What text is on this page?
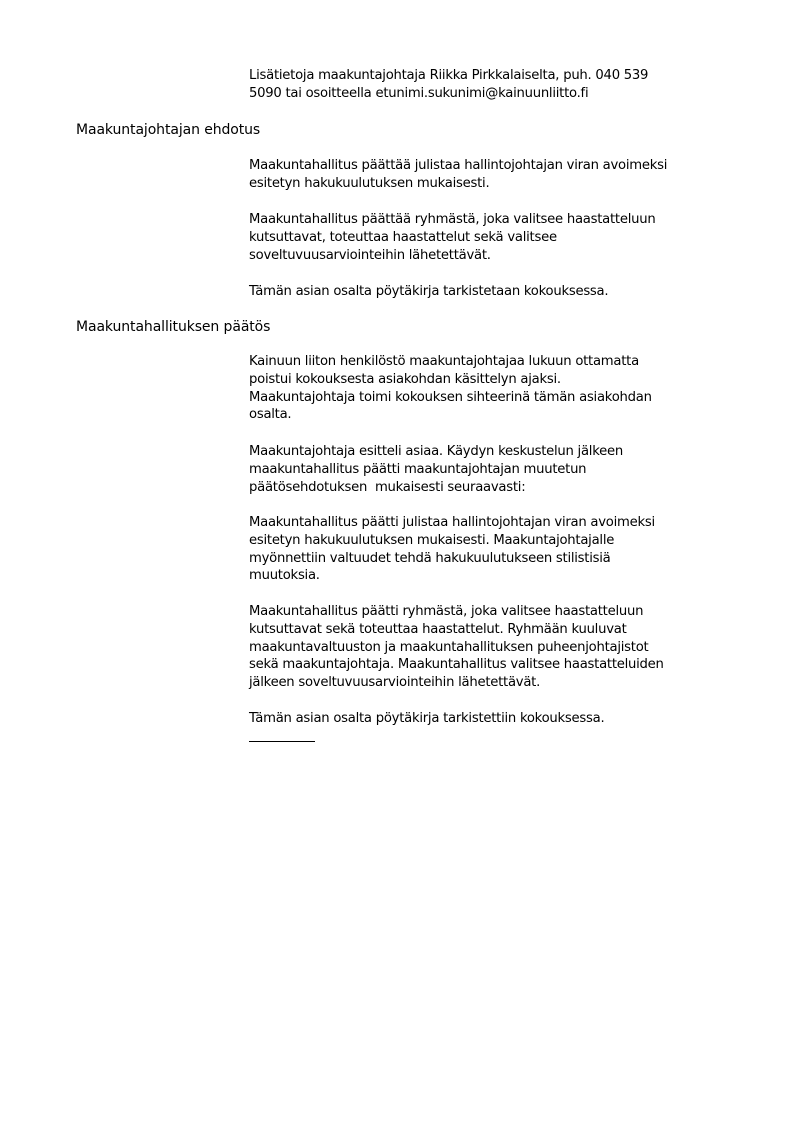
Lisätietoja maakuntajohtaja Riikka Pirkkalaiselta, puh. 040 539

5090 tai osoitteella etunimi.sukunimi@kainuunliitto.fi

Maakuntajohtajan ehdotus

Maakuntahallitus päättää julistaa hallintojohtajan viran avoimeksi

esitetyn hakukuulutuksen mukaisesti.

Maakuntahallitus päättää ryhmästä, joka valitsee haastatteluun

kutsuttavat, toteuttaa haastattelut sekä valitsee

soveltuvuusarviointeihin lähetettävät.

Tämän asian osalta pöytäkirja tarkistetaan kokouksessa.

Maakuntahallituksen päätös

Kainuun liiton henkilöstö maakuntajohtajaa lukuun ottamatta

poistui kokouksesta asiakohdan käsittelyn ajaksi.

Maakuntajohtaja toimi kokouksen sihteerinä tämän asiakohdan

osalta.

Maakuntajohtaja esitteli asiaa. Käydyn keskustelun jälkeen

maakuntahallitus päätti maakuntajohtajan muutetun

päätösehdotuksen  mukaisesti seuraavasti:

Maakuntahallitus päätti julistaa hallintojohtajan viran avoimeksi

esitetyn hakukuulutuksen mukaisesti. Maakuntajohtajalle

myönnettiin valtuudet tehdä hakukuulutukseen stilistisiä

muutoksia.

Maakuntahallitus päätti ryhmästä, joka valitsee haastatteluun

kutsuttavat sekä toteuttaa haastattelut. Ryhmään kuuluvat

maakuntavaltuuston ja maakuntahallituksen puheenjohtajistot

sekä maakuntajohtaja. Maakuntahallitus valitsee haastatteluiden

jälkeen soveltuvuusarviointeihin lähetettävät.

Tämän asian osalta pöytäkirja tarkistettiin kokouksessa.
